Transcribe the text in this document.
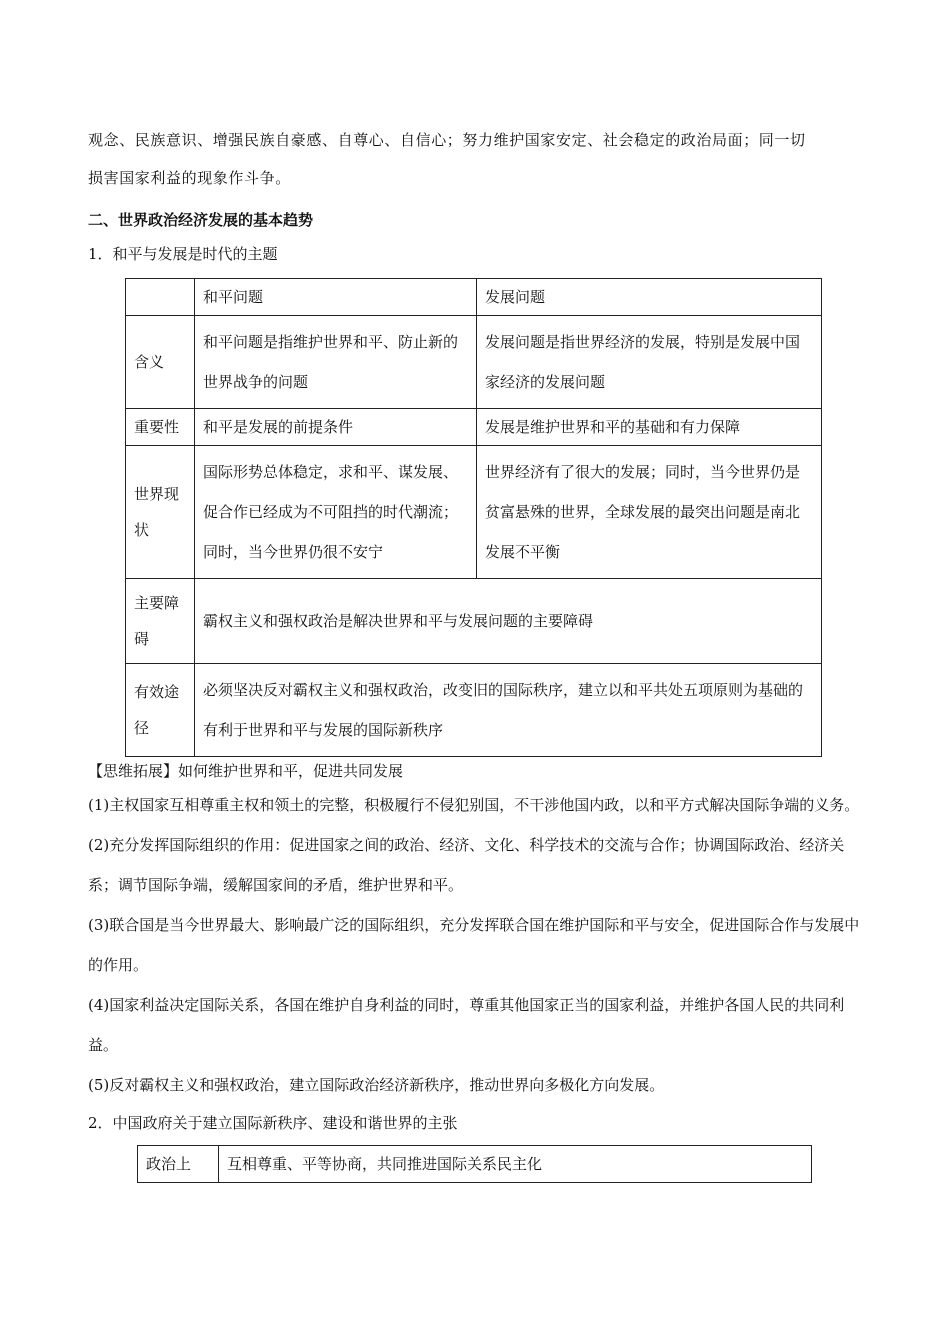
观念、民族意识、增强民族自豪感、自尊心、自信心；努力维护国家安定、社会稳定的政治局面；同一切

损害国家利益的现象作斗争。

二、世界政治经济发展的基本趋势

1．和平与发展是时代的主题

	和平问题	发展问题
含义	和平问题是指维护世界和平、防止新的世界战争的问题	发展问题是指世界经济的发展，特别是发展中国家经济的发展问题
重要性	和平是发展的前提条件	发展是维护世界和平的基础和有力保障
世界现状	国际形势总体稳定，求和平、谋发展、促合作已经成为不可阻挡的时代潮流；同时，当今世界仍很不安宁	世界经济有了很大的发展；同时，当今世界仍是贫富悬殊的世界，全球发展的最突出问题是南北发展不平衡
主要障碍	霸权主义和强权政治是解决世界和平与发展问题的主要障碍	
有效途径	必须坚决反对霸权主义和强权政治，改变旧的国际秩序，建立以和平共处五项原则为基础的有利于世界和平与发展的国际新秩序	

【思维拓展】如何维护世界和平，促进共同发展

(1)主权国家互相尊重主权和领土的完整，积极履行不侵犯别国，不干涉他国内政，以和平方式解决国际争端的义务。

(2)充分发挥国际组织的作用：促进国家之间的政治、经济、文化、科学技术的交流与合作；协调国际政治、经济关系；调节国际争端，缓解国家间的矛盾，维护世界和平。

(3)联合国是当今世界最大、影响最广泛的国际组织，充分发挥联合国在维护国际和平与安全，促进国际合作与发展中的作用。

(4)国家利益决定国际关系，各国在维护自身利益的同时，尊重其他国家正当的国家利益，并维护各国人民的共同利益。

(5)反对霸权主义和强权政治，建立国际政治经济新秩序，推动世界向多极化方向发展。

2．中国政府关于建立国际新秩序、建设和谐世界的主张

政治上	互相尊重、平等协商，共同推进国际关系民主化
